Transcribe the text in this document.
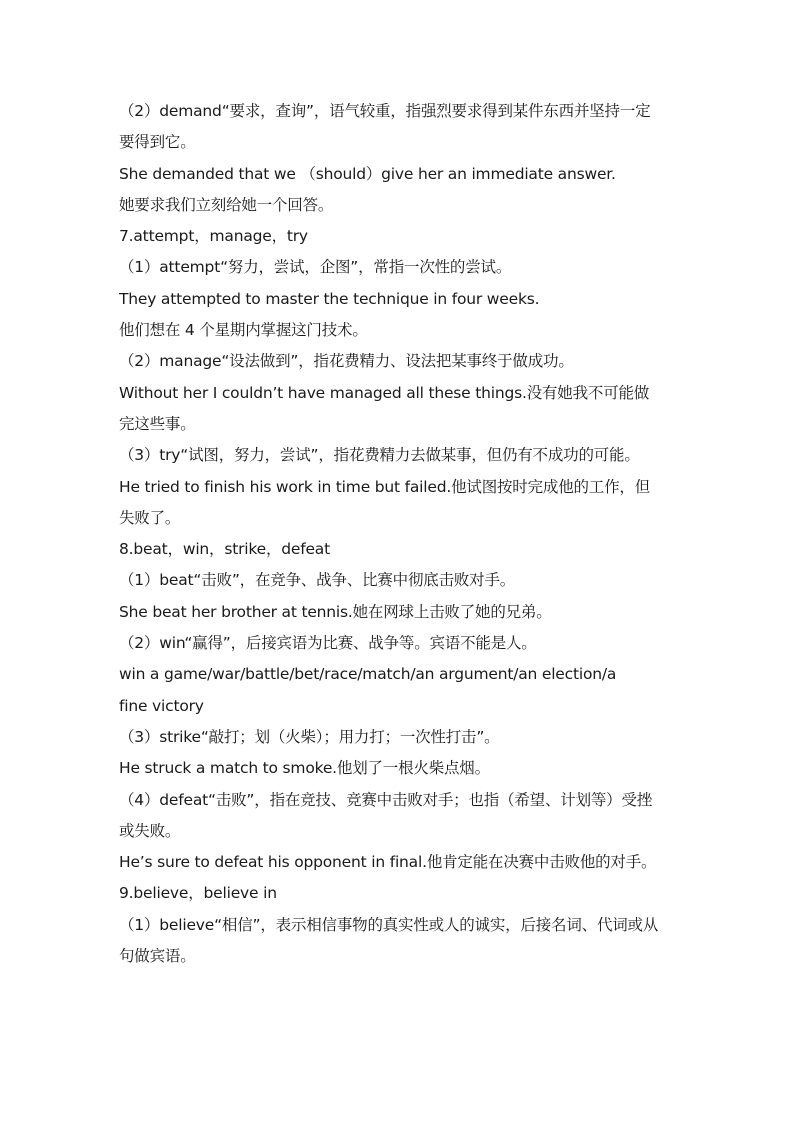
（2）demand“要求，查询”，语气较重，指强烈要求得到某件东西并坚持一定
要得到它。
She demanded that we （should）give her an immediate answer.
她要求我们立刻给她一个回答。
7.attempt，manage，try
（1）attempt“努力，尝试，企图”，常指一次性的尝试。
They attempted to master the technique in four weeks.
他们想在 4 个星期内掌握这门技术。
（2）manage“设法做到”，指花费精力、设法把某事终于做成功。
Without her I couldn’t have managed all these things.没有她我不可能做
完这些事。
（3）try“试图，努力，尝试”，指花费精力去做某事，但仍有不成功的可能。
He tried to finish his work in time but failed.他试图按时完成他的工作，但
失败了。
8.beat，win，strike，defeat
（1）beat“击败”，在竞争、战争、比赛中彻底击败对手。
She beat her brother at tennis.她在网球上击败了她的兄弟。
（2）win“赢得”，后接宾语为比赛、战争等。宾语不能是人。
win a game/war/battle/bet/race/match/an argument/an election/a
fine victory
（3）strike“敲打；划（火柴）；用力打；一次性打击”。
He struck a match to smoke.他划了一根火柴点烟。
（4）defeat“击败”，指在竞技、竞赛中击败对手；也指（希望、计划等）受挫
或失败。
He’s sure to defeat his opponent in final.他肯定能在决赛中击败他的对手。
9.believe，believe in
（1）believe“相信”，表示相信事物的真实性或人的诚实，后接名词、代词或从
句做宾语。
